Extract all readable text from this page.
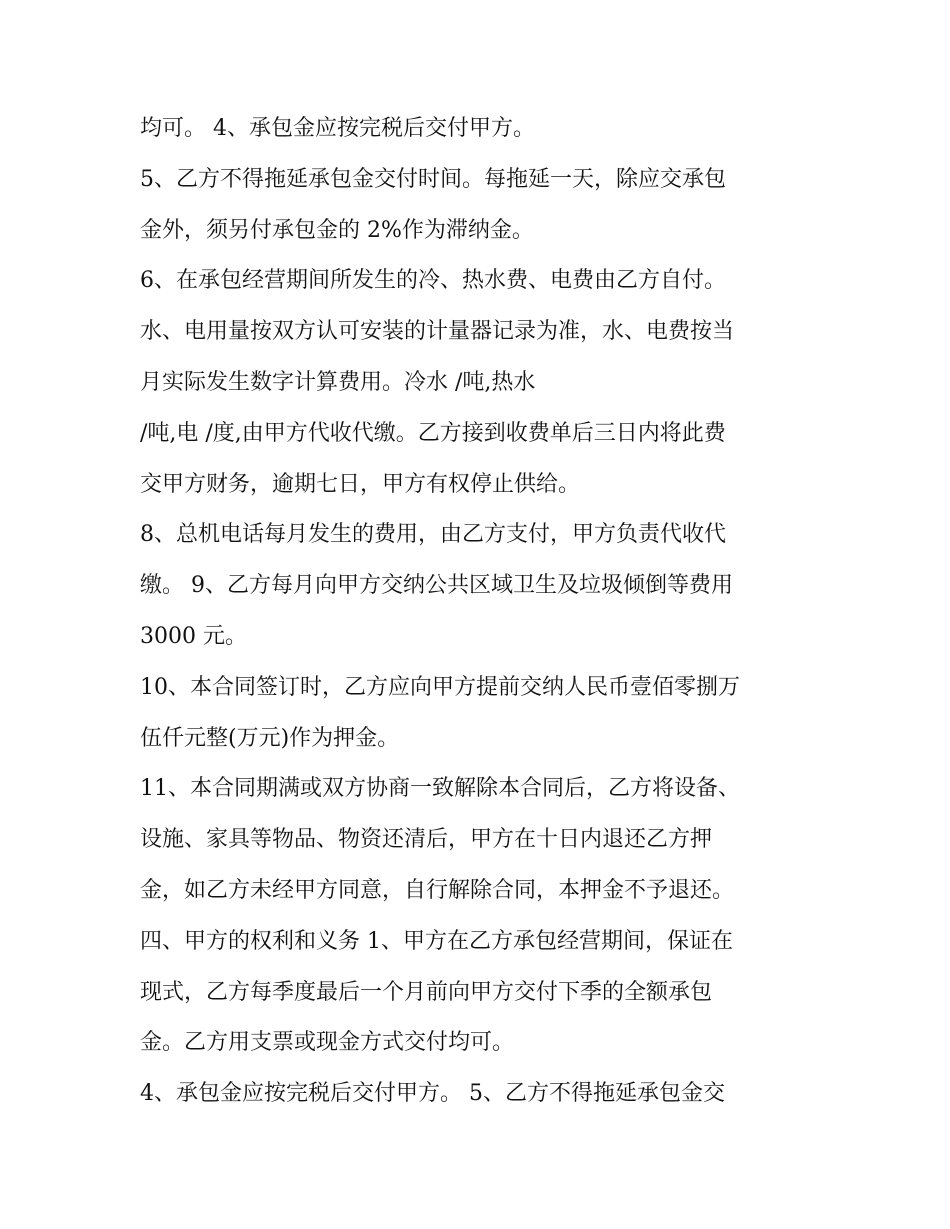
均可。 4、承包金应按完税后交付甲方。
5、乙方不得拖延承包金交付时间。每拖延一天，除应交承包
金外，须另付承包金的 2%作为滞纳金。
6、在承包经营期间所发生的冷、热水费、电费由乙方自付。
水、电用量按双方认可安装的计量器记录为准，水、电费按当
月实际发生数字计算费用。冷水 /吨,热水
/吨,电 /度,由甲方代收代缴。乙方接到收费单后三日内将此费
交甲方财务，逾期七日，甲方有权停止供给。
8、总机电话每月发生的费用，由乙方支付，甲方负责代收代
缴。 9、乙方每月向甲方交纳公共区域卫生及垃圾倾倒等费用
3000 元。
10、本合同签订时，乙方应向甲方提前交纳人民币壹佰零捌万
伍仟元整(万元)作为押金。
11、本合同期满或双方协商一致解除本合同后，乙方将设备、
设施、家具等物品、物资还清后，甲方在十日内退还乙方押
金，如乙方未经甲方同意，自行解除合同，本押金不予退还。
四、甲方的权利和义务 1、甲方在乙方承包经营期间，保证在
现式，乙方每季度最后一个月前向甲方交付下季的全额承包
金。乙方用支票或现金方式交付均可。
4、承包金应按完税后交付甲方。 5、乙方不得拖延承包金交
